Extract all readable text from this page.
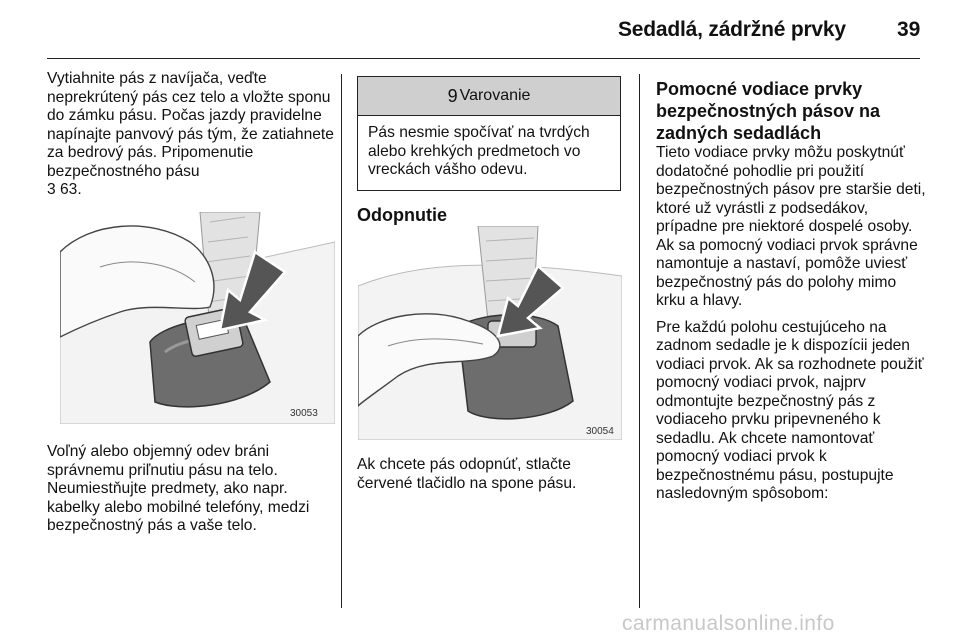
Sedadlá, zádržné prvky 39

Vytiahnite pás z navíjača, veďte neprekrútený pás cez telo a vložte sponu do zámku pásu. Počas jazdy pravidelne napínajte panvový pás tým, že zatiahnete za bedrový pás. Pripomenutie bezpečnostného pásu
3 63.

30053

Voľný alebo objemný odev bráni správnemu priľnutiu pásu na telo. Neumiestňujte predmety, ako napr. kabelky alebo mobilné telefóny, medzi bezpečnostný pás a vaše telo.

9 Varovanie
Pás nesmie spočívať na tvrdých alebo krehkých predmetoch vo vreckách vášho odevu.
Odopnutie
30054

Ak chcete pás odopnúť, stlačte červené tlačidlo na spone pásu.

Pomocné vodiace prvky bezpečnostných pásov na zadných sedadlách

Tieto vodiace prvky môžu poskytnúť dodatočné pohodlie pri použití bezpečnostných pásov pre staršie deti, ktoré už vyrástli z podsedákov, prípadne pre niektoré dospelé osoby. Ak sa pomocný vodiaci prvok správne namontuje a nastaví, pomôže uviesť bezpečnostný pás do polohy mimo krku a hlavy.

Pre každú polohu cestujúceho na zadnom sedadle je k dispozícii jeden vodiaci prvok. Ak sa rozhodnete použiť pomocný vodiaci prvok, najprv odmontujte bezpečnostný pás z vodiaceho prvku pripevneného k sedadlu. Ak chcete namontovať pomocný vodiaci prvok k bezpečnostnému pásu, postupujte nasledovným spôsobom:

carmanualsonline.info
